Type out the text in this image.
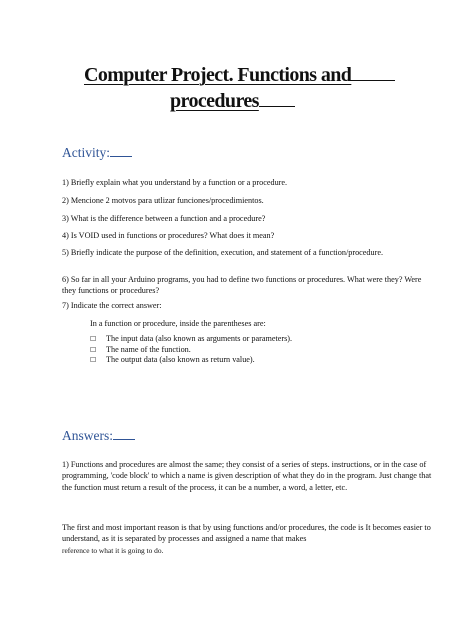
Computer Project. Functions and
procedures
Activity:
1) Briefly explain what you understand by a function or a procedure.
2) Mencione 2 motvos para utlizar funciones/procedimientos.
3) What is the difference between a function and a procedure?
4) Is VOID used in functions or procedures? What does it mean?
5) Briefly indicate the purpose of the definition, execution, and statement of a function/procedure.
6) So far in all your Arduino programs, you had to define two functions or procedures. What were they? Were they functions or procedures?
7) Indicate the correct answer:
In a function or procedure, inside the parentheses are:
☐	The input data (also known as arguments or parameters).
☐	The name of the function.
☐	The output data (also known as return value).
Answers:

1) Functions and procedures are almost the same; they consist of a series of steps. instructions, or in the case of programming, 'code block' to which a name is given description of what they do in the program. Just change that the function must return a result of the process, it can be a number, a word, a letter, etc.

The first and most important reason is that by using functions and/or procedures, the code is It becomes easier to understand, as it is separated by processes and assigned a name that makes

reference to what it is going to do.
